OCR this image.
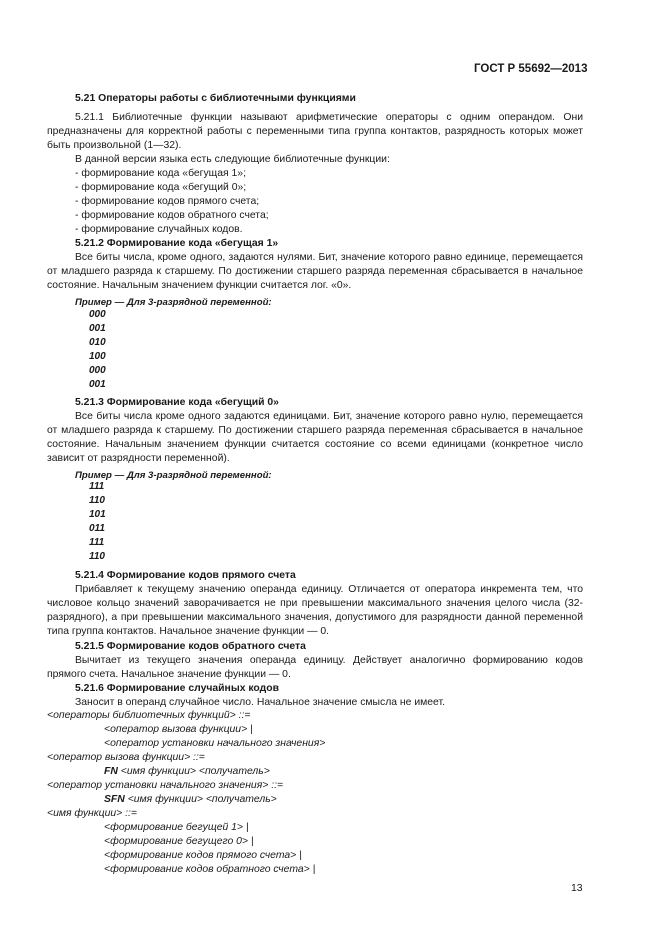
ГОСТ Р 55692—2013
5.21 Операторы работы с библиотечными функциями

5.21.1 Библиотечные функции называют арифметические операторы с одним операндом. Они предназначены для корректной работы с переменными типа группа контактов, разрядность которых может быть произвольной (1—32).

В данной версии языка есть следующие библиотечные функции:
- формирование кода «бегущая 1»;
- формирование кода «бегущий 0»;
- формирование кодов прямого счета;
- формирование кодов обратного счета;
- формирование случайных кодов.
5.21.2 Формирование кода «бегущая 1»

Все биты числа, кроме одного, задаются нулями. Бит, значение которого равно единице, перемещается от младшего разряда к старшему. По достижении старшего разряда переменная сбрасывается в начальное состояние. Начальным значением функции считается лог. «0».

Пример — Для 3-разрядной переменной:
000
001
010
100
000
001
5.21.3 Формирование кода «бегущий 0»

Все биты числа кроме одного задаются единицами. Бит, значение которого равно нулю, перемещается от младшего разряда к старшему. По достижении старшего разряда переменная сбрасывается в начальное состояние. Начальным значением функции считается состояние со всеми единицами (конкретное число зависит от разрядности переменной).

Пример — Для 3-разрядной переменной:
111
110
101
011
111
110
5.21.4 Формирование кодов прямого счета

Прибавляет к текущему значению операнда единицу. Отличается от оператора инкремента тем, что числовое кольцо значений заворачивается не при превышении максимального значения целого числа (32-разрядного), а при превышении максимального значения, допустимого для разрядности данной переменной типа группа контактов. Начальное значение функции — 0.

5.21.5 Формирование кодов обратного счета

Вычитает из текущего значения операнда единицу. Действует аналогично формированию кодов прямого счета. Начальное значение функции — 0.

5.21.6 Формирование случайных кодов
Заносит в операнд случайное число. Начальное значение смысла не имеет.
<операторы библиотечных функций> ::=
<оператор вызова функции> |
<оператор установки начального значения>
<оператор вызова функции> ::=
FN <имя функции> <получатель>
<оператор установки начального значения> ::=
SFN <имя функции> <получатель>
<имя функции> ::=
<формирование бегущей 1> |
<формирование бегущего 0> |
<формирование кодов прямого счета> |
<формирование кодов обратного счета> |
13
